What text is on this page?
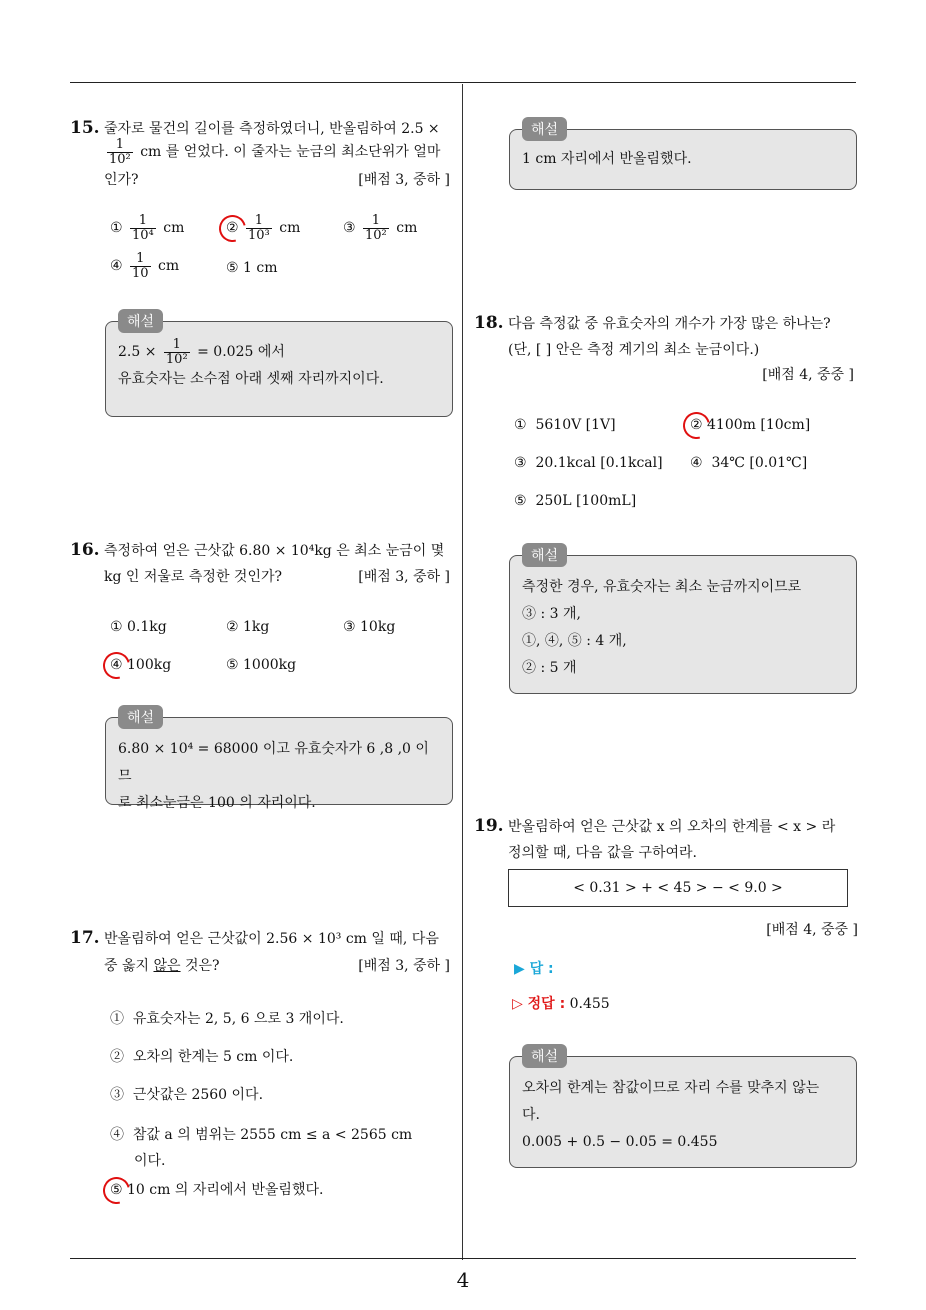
15. 줄자로 물건의 길이를 측정하였더니, 반올림하여 2.5 ×
$\frac{1}{\text{10²}}$ cm 를 얻었다. 이 줄자는 눈금의 최소단위가 얼마
인가?	[배점 3, 중하 ]
① $\frac{1}{\text{10⁴}}$ cm	② $\frac{1}{\text{10³}}$ cm	③ $\frac{1}{\text{10²}}$ cm
④ $\frac{1}{10}$ cm	⑤ 1 cm
해설
$2.5 \times \frac{1}{\text{10²}} = 0.025$ 에서
유효숫자는 소수점 아래 셋째 자리까지이다.
16. 측정하여 얻은 근삿값 6.80 × 10⁴kg 은 최소 눈금이 몇
kg 인 저울로 측정한 것인가?	[배점 3, 중하 ]
① 0.1kg	② 1kg	③ 10kg
④ 100kg	⑤ 1000kg
해설
6.80 × 10⁴ = 68000 이고 유효숫자가 6 ,8 ,0 이므
로 최소눈금은 100 의 자리이다.
17. 반올림하여 얻은 근삿값이 2.56 × 10³ cm 일 때, 다음
중 옳지 않은 것은?	[배점 3, 중하 ]
① 유효숫자는 2, 5, 6 으로 3 개이다.
② 오차의 한계는 5 cm 이다.
③ 근삿값은 2560 이다.
④ 참값 a 의 범위는 2555 cm ≤ a < 2565 cm
이다.
⑤ 10 cm 의 자리에서 반올림했다.
해설
1 cm 자리에서 반올림했다.
18. 다음 측정값 중 유효숫자의 개수가 가장 많은 하나는?
(단, [ ] 안은 측정 계기의 최소 눈금이다.)
[배점 4, 중중 ]
① 5610V [1V]	② 4100m [10cm]
③ 20.1kcal [0.1kcal] ④ 34℃ [0.01℃]
⑤ 250L [100mL]
해설
측정한 경우, 유효숫자는 최소 눈금까지이므로
③ : 3 개,
①, ④, ⑤ : 4 개,
② : 5 개
19. 반올림하여 얻은 근삿값 x 의 오차의 한계를 < x > 라
정의할 때, 다음 값을 구하여라.
< 0.31 > + < 45 > − < 9.0 >
[배점 4, 중중 ]
▶ 답 :
▷ 정답 : 0.455
해설
오차의 한계는 참값이므로 자리 수를 맞추지 않는
다.
0.005 + 0.5 − 0.05 = 0.455
4
